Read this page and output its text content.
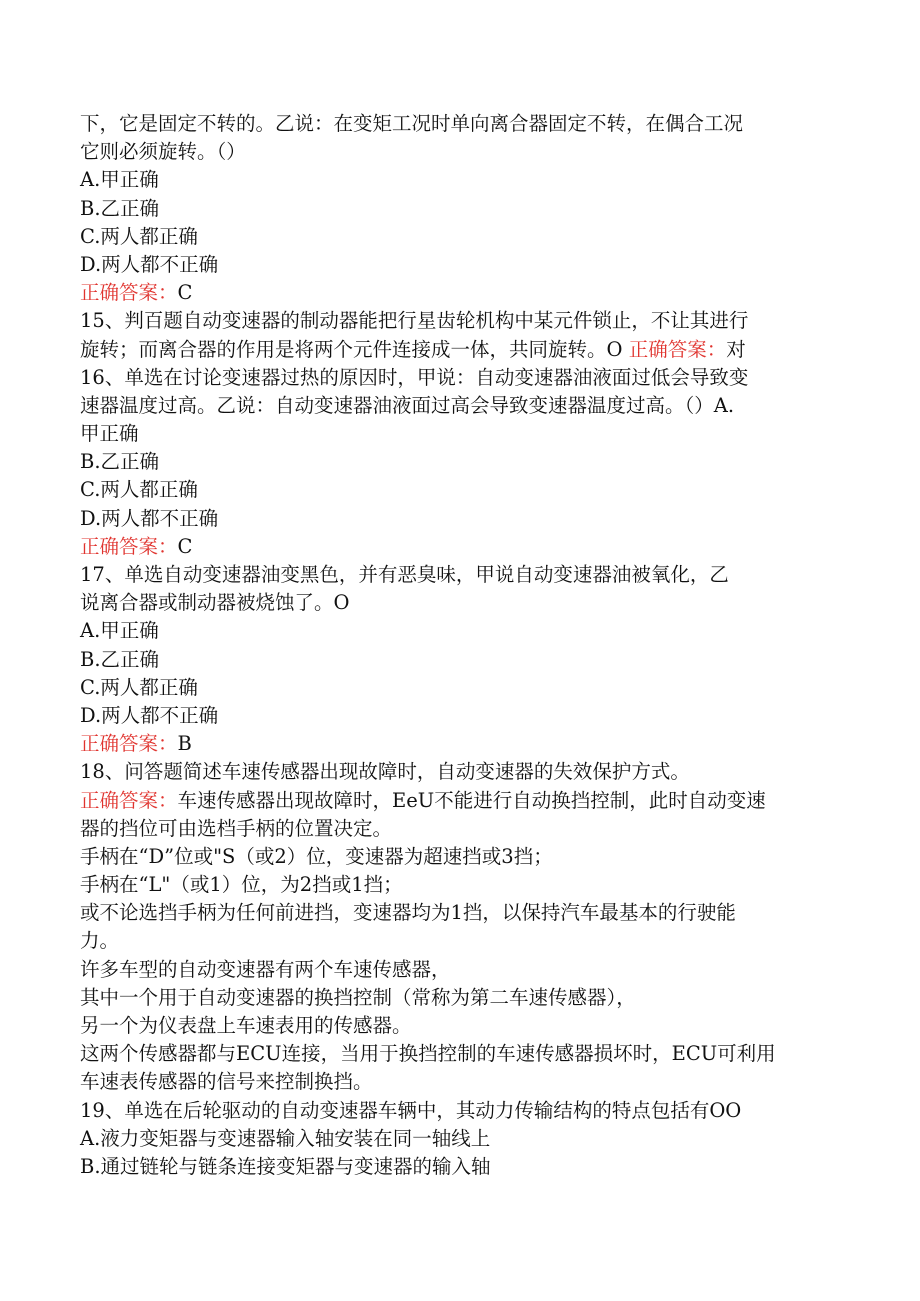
下，它是固定不转的。乙说：在变矩工况时单向离合器固定不转，在偶合工况
它则必须旋转。（）
A.甲正确
B.乙正确
C.两人都正确
D.两人都不正确
正确答案：C
15、判百题自动变速器的制动器能把行星齿轮机构中某元件锁止，不让其进行
旋转；而离合器的作用是将两个元件连接成一体，共同旋转。O 正确答案：对
16、单选在讨论变速器过热的原因时，甲说：自动变速器油液面过低会导致变
速器温度过高。乙说：自动变速器油液面过高会导致变速器温度过高。（）A.
甲正确
B.乙正确
C.两人都正确
D.两人都不正确
正确答案：C
17、单选自动变速器油变黑色，并有恶臭味，甲说自动变速器油被氧化，乙
说离合器或制动器被烧蚀了。O
A.甲正确
B.乙正确
C.两人都正确
D.两人都不正确
正确答案：B
18、问答题简述车速传感器出现故障时，自动变速器的失效保护方式。
正确答案：车速传感器出现故障时，EeU不能进行自动换挡控制，此时自动变速
器的挡位可由选档手柄的位置决定。
手柄在“D”位或"S（或2）位，变速器为超速挡或3挡；
手柄在“L"（或1）位，为2挡或1挡；
或不论选挡手柄为任何前进挡，变速器均为1挡，以保持汽车最基本的行驶能
力。
许多车型的自动变速器有两个车速传感器，
其中一个用于自动变速器的换挡控制（常称为第二车速传感器），
另一个为仪表盘上车速表用的传感器。
这两个传感器都与ECU连接，当用于换挡控制的车速传感器损坏时，ECU可利用
车速表传感器的信号来控制换挡。
19、单选在后轮驱动的自动变速器车辆中，其动力传输结构的特点包括有OO
A.液力变矩器与变速器输入轴安装在同一轴线上
B.通过链轮与链条连接变矩器与变速器的输入轴
